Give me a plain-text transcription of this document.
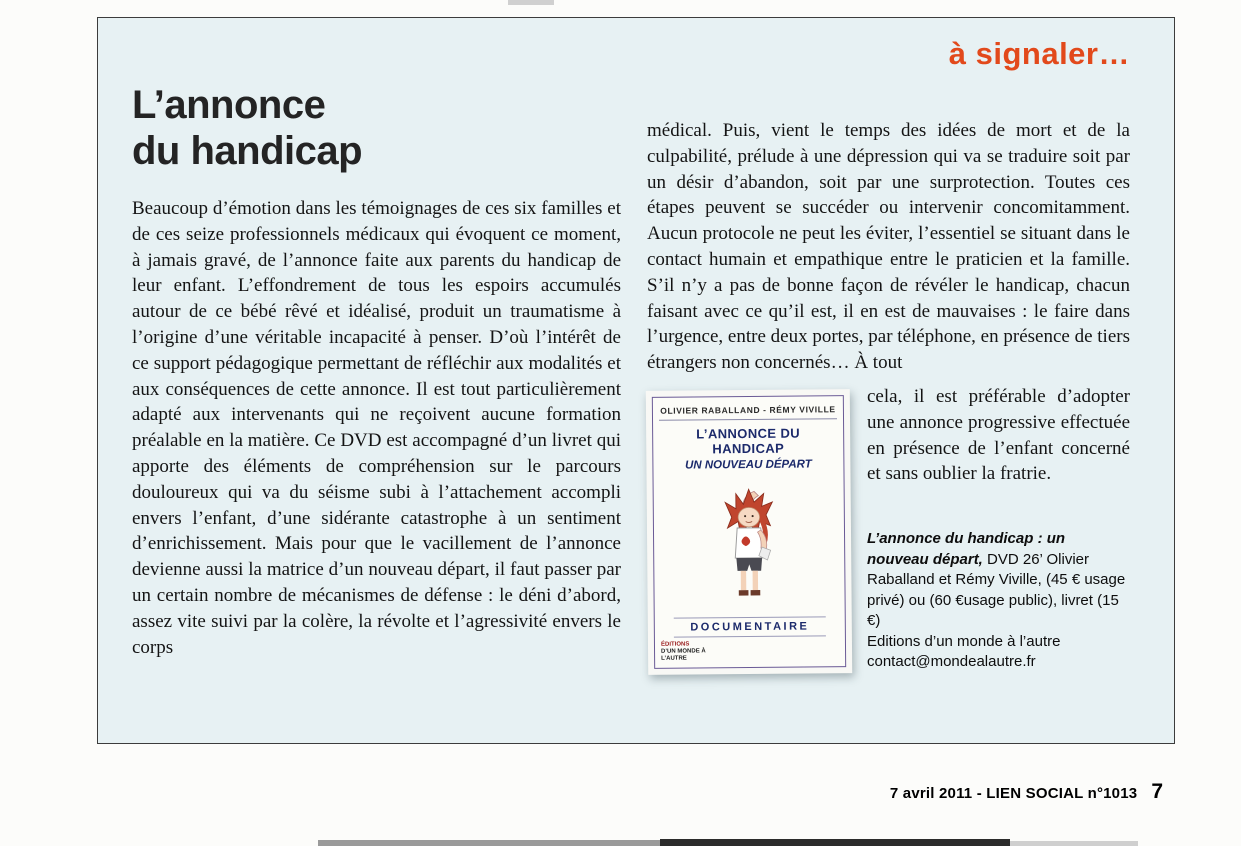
à signaler…
L’annonce
du handicap

Beaucoup d’émotion dans les témoignages de ces six familles et de ces seize professionnels médicaux qui évoquent ce moment, à jamais gravé, de l’annonce faite aux parents du handicap de leur enfant. L’effondrement de tous les espoirs accumulés autour de ce bébé rêvé et idéalisé, produit un traumatisme à l’origine d’une véritable incapacité à penser. D’où l’intérêt de ce support pédagogique permettant de réfléchir aux modalités et aux conséquences de cette annonce. Il est tout particulièrement adapté aux intervenants qui ne reçoivent aucune formation préalable en la matière. Ce DVD est accompagné d’un livret qui apporte des éléments de compréhension sur le parcours douloureux qui va du séisme subi à l’attachement accompli envers l’enfant, d’une sidérante catastrophe à un sentiment d’enrichissement. Mais pour que le vacillement de l’annonce devienne aussi la matrice d’un nouveau départ, il faut passer par un certain nombre de mécanismes de défense : le déni d’abord, assez vite suivi par la colère, la révolte et l’agressivité envers le corps

médical. Puis, vient le temps des idées de mort et de la culpabilité, prélude à une dépression qui va se traduire soit par un désir d’abandon, soit par une surprotection. Toutes ces étapes peuvent se succéder ou intervenir concomitamment. Aucun protocole ne peut les éviter, l’essentiel se situant dans le contact humain et empathique entre le praticien et la famille. S’il n’y a pas de bonne façon de révéler le handicap, chacun faisant avec ce qu’il est, il en est de mauvaises : le faire dans l’urgence, entre deux portes, par téléphone, en présence de tiers étrangers non concernés… À tout

OLIVIER RABALLAND - RÉMY VIVILLE
L’ANNONCE DU HANDICAP
UN NOUVEAU DÉPART
DOCUMENTAIRE
ÉDITIONS
D’UN MONDE À L’AUTRE

cela, il est préférable d’adopter une annonce progressive effectuée en présence de l’enfant concerné et sans oublier la fratrie.

L’annonce du handicap : un nouveau départ, DVD 26’ Olivier Raballand et Rémy Viville, (45 € usage privé) ou (60 €usage public), livret (15 €)
Editions d’un monde à l’autre
contact@mondealautre.fr
7 avril 2011 - LIEN SOCIAL n°1013 7
